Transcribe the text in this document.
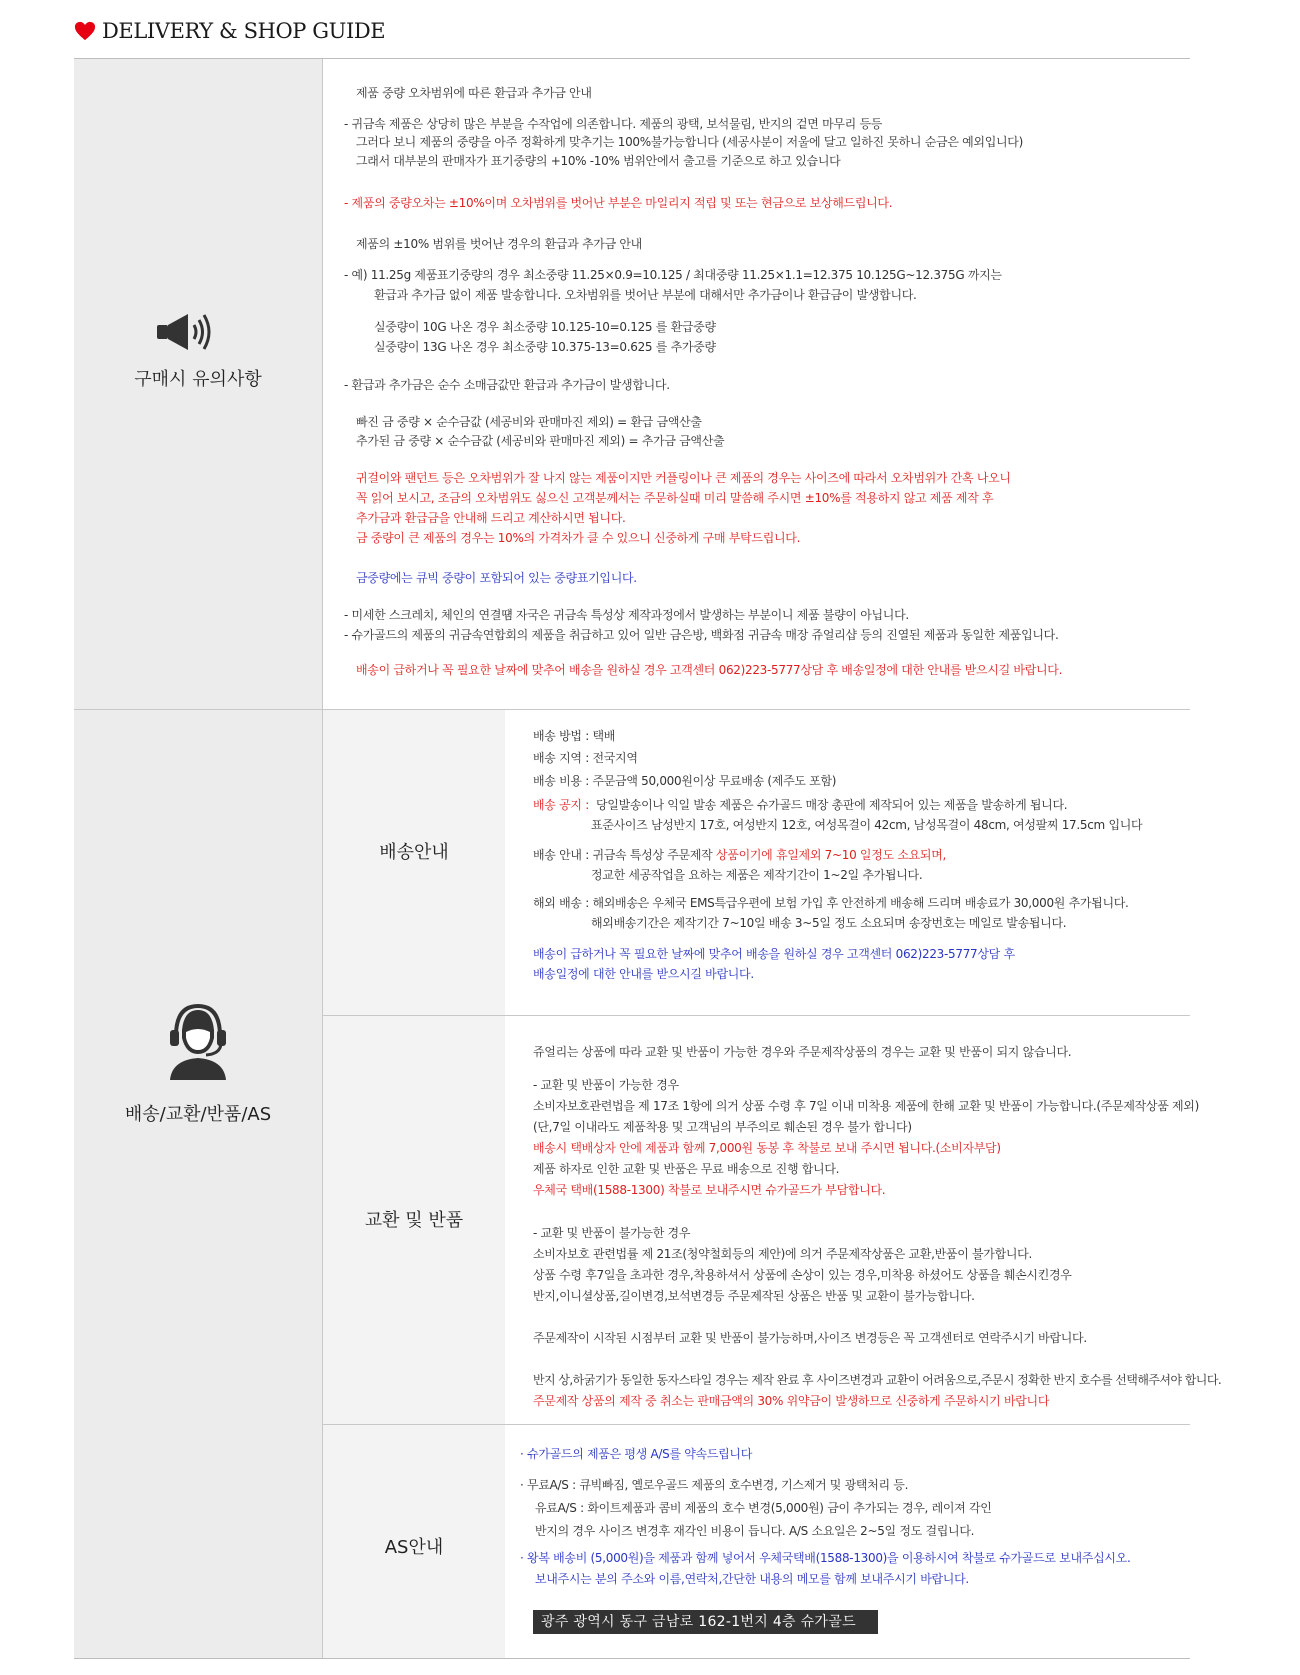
DELIVERY & SHOP GUIDE
구매시 유의사항
제품 중량 오차범위에 따른 환급과 추가금 안내
- 귀금속 제품은 상당히 많은 부분을 수작업에 의존합니다. 제품의 광택, 보석물림, 반지의 겉면 마무리 등등
그러다 보니 제품의 중량을 아주 정확하게 맞추기는 100%불가능합니다 (세공사분이 저울에 달고 일하진 못하니 순금은 예외입니다)
그래서 대부분의 판매자가 표기중량의 +10% -10% 범위안에서 출고를 기준으로 하고 있습니다
- 제품의 중량오차는 ±10%이며 오차범위를 벗어난 부분은 마일리지 적립 및 또는 현금으로 보상해드립니다.
제품의 ±10% 범위를 벗어난 경우의 환급과 추가금 안내
- 예) 11.25g 제품표기중량의 경우 최소중량 11.25×0.9=10.125 / 최대중량 11.25×1.1=12.375 10.125G~12.375G 까지는
환급과 추가금 없이 제품 발송합니다. 오차범위를 벗어난 부분에 대해서만 추가금이나 환급금이 발생합니다.
실중량이 10G 나온 경우 최소중량 10.125-10=0.125 를 환급중량
실중량이 13G 나온 경우 최소중량 10.375-13=0.625 를 추가중량
- 환급과 추가금은 순수 소매금값만 환급과 추가금이 발생합니다.
빠진 금 중량 × 순수금값 (세공비와 판매마진 제외) = 환급 금액산출
추가된 금 중량 × 순수금값 (세공비와 판매마진 제외) = 추가금 금액산출
귀걸이와 팬던트 등은 오차범위가 잘 나지 않는 제품이지만 커플링이나 큰 제품의 경우는 사이즈에 따라서 오차범위가 간혹 나오니
꼭 읽어 보시고, 조금의 오차범위도 싫으신 고객분께서는 주문하실때 미리 말씀해 주시면 ±10%를 적용하지 않고 제품 제작 후
추가금과 환급금을 안내해 드리고 계산하시면 됩니다.
금 중량이 큰 제품의 경우는 10%의 가격차가 클 수 있으니 신중하게 구매 부탁드립니다.
금중량에는 큐빅 중량이 포함되어 있는 중량표기입니다.
- 미세한 스크레치, 체인의 연결떔 자국은 귀금속 특성상 제작과정에서 발생하는 부분이니 제품 불량이 아닙니다.
- 슈가골드의 제품의 귀금속연합회의 제품을 취급하고 있어 일반 금은방, 백화점 귀금속 매장 쥬얼리샵 등의 진열된 제품과 동일한 제품입니다.
배송이 급하거나 꼭 필요한 날짜에 맞추어 배송을 원하실 경우 고객센터 062)223-5777상담 후 배송일정에 대한 안내를 받으시길 바랍니다.
배송/교환/반품/AS
배송안내
배송 방법 : 택배
배송 지역 : 전국지역
배송 비용 : 주문금액 50,000원이상 무료배송 (제주도 포함)
배송 공지 : 당일발송이나 익일 발송 제품은 슈가골드 매장 총판에 제작되어 있는 제품을 발송하게 됩니다.
표준사이즈 남성반지 17호, 여성반지 12호, 여성목걸이 42cm, 남성목걸이 48cm, 여성팔찌 17.5cm 입니다
배송 안내 : 귀금속 특성상 주문제작 상품이기에 휴일제외 7~10 일정도 소요되며,
정교한 세공작업을 요하는 제품은 제작기간이 1~2일 추가됩니다.
해외 배송 : 해외배송은 우체국 EMS특급우편에 보험 가입 후 안전하게 배송해 드리며 배송료가 30,000원 추가됩니다.
해외배송기간은 제작기간 7~10일 배송 3~5일 정도 소요되며 송장번호는 메일로 발송됩니다.
배송이 급하거나 꼭 필요한 날짜에 맞추어 배송을 원하실 경우 고객센터 062)223-5777상담 후
배송일정에 대한 안내를 받으시길 바랍니다.
교환 및 반품
쥬얼리는 상품에 따라 교환 및 반품이 가능한 경우와 주문제작상품의 경우는 교환 및 반품이 되지 않습니다.
- 교환 및 반품이 가능한 경우
소비자보호관련법을 제 17조 1항에 의거 상품 수령 후 7일 이내 미착용 제품에 한해 교환 및 반품이 가능합니다.(주문제작상품 제외)
(단,7일 이내라도 제품착용 및 고객님의 부주의로 훼손된 경우 불가 합니다)
배송시 택배상자 안에 제품과 함께 7,000원 동봉 후 착불로 보내 주시면 됩니다.(소비자부담)
제품 하자로 인한 교환 및 반품은 무료 배송으로 진행 합니다.
우체국 택배(1588-1300) 착불로 보내주시면 슈가골드가 부담합니다.
- 교환 및 반품이 불가능한 경우
소비자보호 관련법률 제 21조(청약철회등의 제안)에 의거 주문제작상품은 교환,반품이 불가합니다.
상품 수령 후7일을 초과한 경우,착용하셔서 상품에 손상이 있는 경우,미착용 하셨어도 상품을 훼손시킨경우
반지,이니셜상품,길이변경,보석변경등 주문제작된 상품은 반품 및 교환이 불가능합니다.
주문제작이 시작된 시점부터 교환 및 반품이 불가능하며,사이즈 변경등은 꼭 고객센터로 연락주시기 바랍니다.
반지 상,하굵기가 동일한 동자스타일 경우는 제작 완료 후 사이즈변경과 교환이 어려움으로,주문시 정확한 반지 호수를 선택해주셔야 합니다.
주문제작 상품의 제작 중 취소는 판매금액의 30% 위약금이 발생하므로 신중하게 주문하시기 바랍니다
AS안내
· 슈가골드의 제품은 평생 A/S를 약속드립니다
· 무료A/S : 큐빅빠짐, 옐로우골드 제품의 호수변경, 기스제거 및 광택처리 등.
유료A/S : 화이트제품과 콤비 제품의 호수 변경(5,000원) 금이 추가되는 경우, 레이져 각인
반지의 경우 사이즈 변경후 재각인 비용이 듭니다. A/S 소요일은 2~5일 정도 걸립니다.
· 왕복 배송비 (5,000원)을 제품과 함께 넣어서 우체국택배(1588-1300)을 이용하시여 착불로 슈가골드로 보내주십시오.
보내주시는 분의 주소와 이름,연락처,간단한 내용의 메모를 함께 보내주시기 바랍니다.
광주 광역시 동구 금남로 162-1번지 4층 슈가골드
